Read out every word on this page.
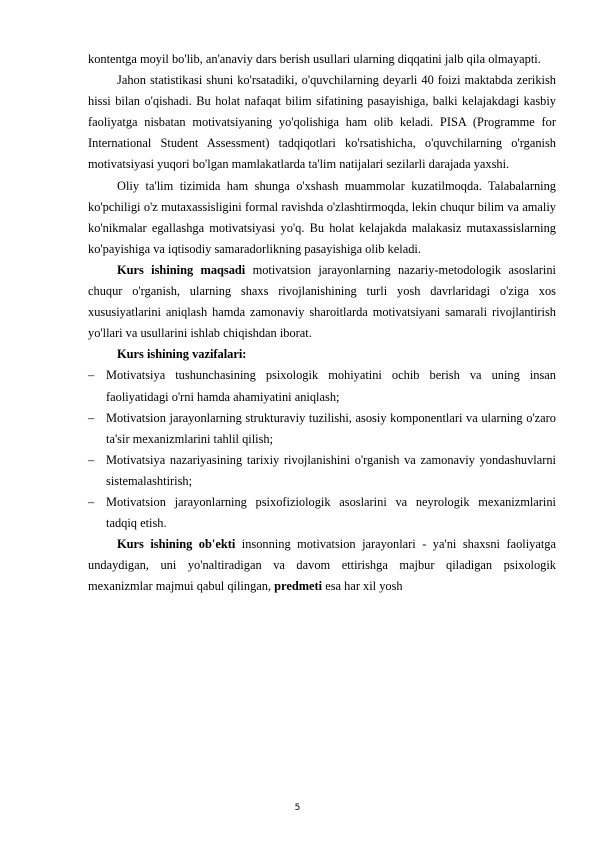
kontentga moyil bo'lib, an'anaviy dars berish usullari ularning diqqatini jalb qila olmayapti.

Jahon statistikasi shuni ko'rsatadiki, o'quvchilarning deyarli 40 foizi maktabda zerikish hissi bilan o'qishadi. Bu holat nafaqat bilim sifatining pasayishiga, balki kelajakdagi kasbiy faoliyatga nisbatan motivatsiyaning yo'qolishiga ham olib keladi. PISA (Programme for International Student Assessment) tadqiqotlari ko'rsatishicha, o'quvchilarning o'rganish motivatsiyasi yuqori bo'lgan mamlakatlarda ta'lim natijalari sezilarli darajada yaxshi.

Oliy ta'lim tizimida ham shunga o'xshash muammolar kuzatilmoqda. Talabalarning ko'pchiligi o'z mutaxassisligini formal ravishda o'zlashtirmoqda, lekin chuqur bilim va amaliy ko'nikmalar egallashga motivatsiyasi yo'q. Bu holat kelajakda malakasiz mutaxassislarning ko'payishiga va iqtisodiy samaradorlikning pasayishiga olib keladi.

Kurs ishining maqsadi motivatsion jarayonlarning nazariy-metodologik asoslarini chuqur o'rganish, ularning shaxs rivojlanishining turli yosh davrlaridagi o'ziga xos xususiyatlarini aniqlash hamda zamonaviy sharoitlarda motivatsiyani samarali rivojlantirish yo'llari va usullarini ishlab chiqishdan iborat.

Kurs ishining vazifalari:

– Motivatsiya tushunchasining psixologik mohiyatini ochib berish va uning insan faoliyatidagi o'rni hamda ahamiyatini aniqlash;
– Motivatsion jarayonlarning strukturaviy tuzilishi, asosiy komponentlari va ularning o'zaro ta'sir mexanizmlarini tahlil qilish;
– Motivatsiya nazariyasining tarixiy rivojlanishini o'rganish va zamonaviy yondashuvlarni sistemalashtirish;
– Motivatsion jarayonlarning psixofiziologik asoslarini va neyrologik mexanizmlarini tadqiq etish.

Kurs ishining ob'ekti insonning motivatsion jarayonlari - ya'ni shaxsni faoliyatga undaydigan, uni yo'naltiradigan va davom ettirishga majbur qiladigan psixologik mexanizmlar majmui qabul qilingan, predmeti esa har xil yosh

5
